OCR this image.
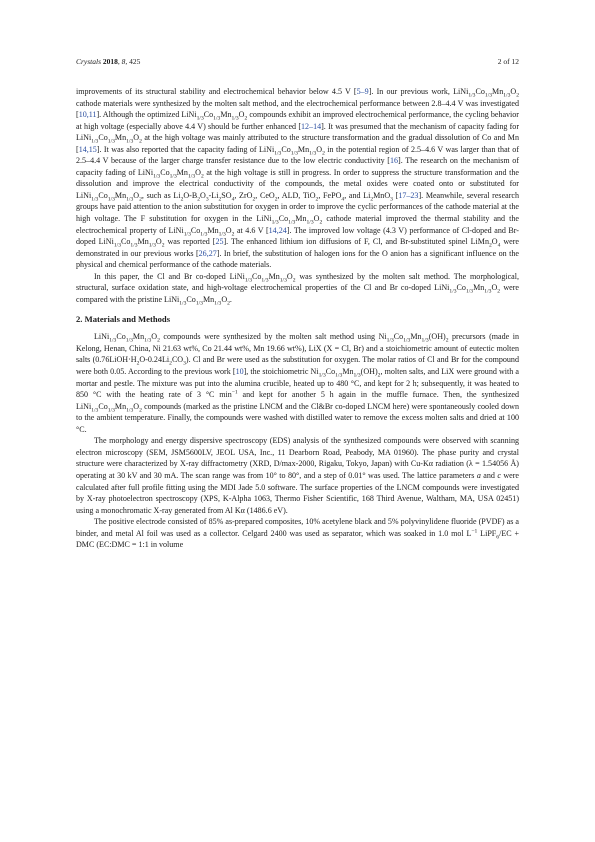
Crystals 2018, 8, 425	2 of 12

improvements of its structural stability and electrochemical behavior below 4.5 V [5–9]. In our previous work, $LiNi_{1/3}Co_{1/3}Mn_{1/3}O_2$ cathode materials were synthesized by the molten salt method, and the electrochemical performance between 2.8–4.4 V was investigated [10,11]. Although the optimized $LiNi_{1/3}Co_{1/3}Mn_{1/3}O_2$ compounds exhibit an improved electrochemical performance, the cycling behavior at high voltage (especially above 4.4 V) should be further enhanced [12–14]. It was presumed that the mechanism of capacity fading for $LiNi_{1/3}Co_{1/3}Mn_{1/3}O_2$ at the high voltage was mainly attributed to the structure transformation and the gradual dissolution of Co and Mn [14,15]. It was also reported that the capacity fading of $LiNi_{1/3}Co_{1/3}Mn_{1/3}O_2$ in the potential region of 2.5–4.6 V was larger than that of 2.5–4.4 V because of the larger charge transfer resistance due to the low electric conductivity [16]. The research on the mechanism of capacity fading of $LiNi_{1/3}Co_{1/3}Mn_{1/3}O_2$ at the high voltage is still in progress. In order to suppress the structure transformation and the dissolution and improve the electrical conductivity of the compounds, the metal oxides were coated onto or substituted for $LiNi_{1/3}Co_{1/3}Mn_{1/3}O_2$, such as $Li_2O-B_2O_3-Li_2SO_4$, ZrO$_2$, CeO$_2$, ALD, TiO$_2$, FePO$_4$, and $Li_2MnO_3$ [17–23]. Meanwhile, several research groups have paid attention to the anion substitution for oxygen in order to improve the cyclic performances of the cathode material at the high voltage. The F substitution for oxygen in the $LiNi_{1/3}Co_{1/3}Mn_{1/3}O_2$ cathode material improved the thermal stability and the electrochemical property of $LiNi_{1/3}Co_{1/3}Mn_{1/3}O_2$ at 4.6 V [14,24]. The improved low voltage (4.3 V) performance of Cl-doped and Br-doped $LiNi_{1/3}Co_{1/3}Mn_{1/3}O_2$ was reported [25]. The enhanced lithium ion diffusions of F, Cl, and Br-substituted spinel $LiMn_2O_4$ were demonstrated in our previous works [26,27]. In brief, the substitution of halogen ions for the O anion has a significant influence on the physical and chemical performance of the cathode materials.

In this paper, the Cl and Br co-doped $LiNi_{1/3}Co_{1/3}Mn_{1/3}O_2$ was synthesized by the molten salt method. The morphological, structural, surface oxidation state, and high-voltage electrochemical properties of the Cl and Br co-doped $LiNi_{1/3}Co_{1/3}Mn_{1/3}O_2$ were compared with the pristine $LiNi_{1/3}Co_{1/3}Mn_{1/3}O_2$.

2. Materials and Methods

$LiNi_{1/3}Co_{1/3}Mn_{1/3}O_2$ compounds were synthesized by the molten salt method using $Ni_{1/3}Co_{1/3}Mn_{1/3}(OH)_2$ precursors (made in Kelong, Henan, China, Ni 21.63 wt%, Co 21.44 wt%, Mn 19.66 wt%), LiX (X = Cl, Br) and a stoichiometric amount of eutectic molten salts $(0.76LiOH\cdot H_2O-0.24Li_2CO_3)$. Cl and Br were used as the substitution for oxygen. The molar ratios of Cl and Br for the compound were both 0.05. According to the previous work [10], the stoichiometric $Ni_{1/3}Co_{1/3}Mn_{1/3}(OH)_2$, molten salts, and LiX were ground with a mortar and pestle. The mixture was put into the alumina crucible, heated up to 480 °C, and kept for 2 h; subsequently, it was heated to 850 °C with the heating rate of 3 °C $\min^{-1}$ and kept for another 5 h again in the muffle furnace. Then, the synthesized $LiNi_{1/3}Co_{1/3}Mn_{1/3}O_2$ compounds (marked as the pristine LNCM and the Cl&Br co-doped LNCM here) were spontaneously cooled down to the ambient temperature. Finally, the compounds were washed with distilled water to remove the excess molten salts and dried at 100 °C.

The morphology and energy dispersive spectroscopy (EDS) analysis of the synthesized compounds were observed with scanning electron microscopy (SEM, JSM5600LV, JEOL USA, Inc., 11 Dearborn Road, Peabody, MA 01960). The phase purity and crystal structure were characterized by X-ray diffractometry (XRD, D/max-2000, Rigaku, Tokyo, Japan) with Cu-Kα radiation (λ = 1.54056 Å) operating at 30 kV and 30 mA. The scan range was from 10° to 80°, and a step of 0.01° was used. The lattice parameters a and c were calculated after full profile fitting using the MDI Jade 5.0 software. The surface properties of the LNCM compounds were investigated by X-ray photoelectron spectroscopy (XPS, K-Alpha 1063, Thermo Fisher Scientific, 168 Third Avenue, Waltham, MA, USA 02451) using a monochromatic X-ray generated from Al Kα (1486.6 eV).

The positive electrode consisted of 85% as-prepared composites, 10% acetylene black and 5% polyvinylidene fluoride (PVDF) as a binder, and metal Al foil was used as a collector. Celgard 2400 was used as separator, which was soaked in 1.0 mol $L^{-1}$ LiPF$_6$/EC + DMC (EC:DMC = 1:1 in volume
